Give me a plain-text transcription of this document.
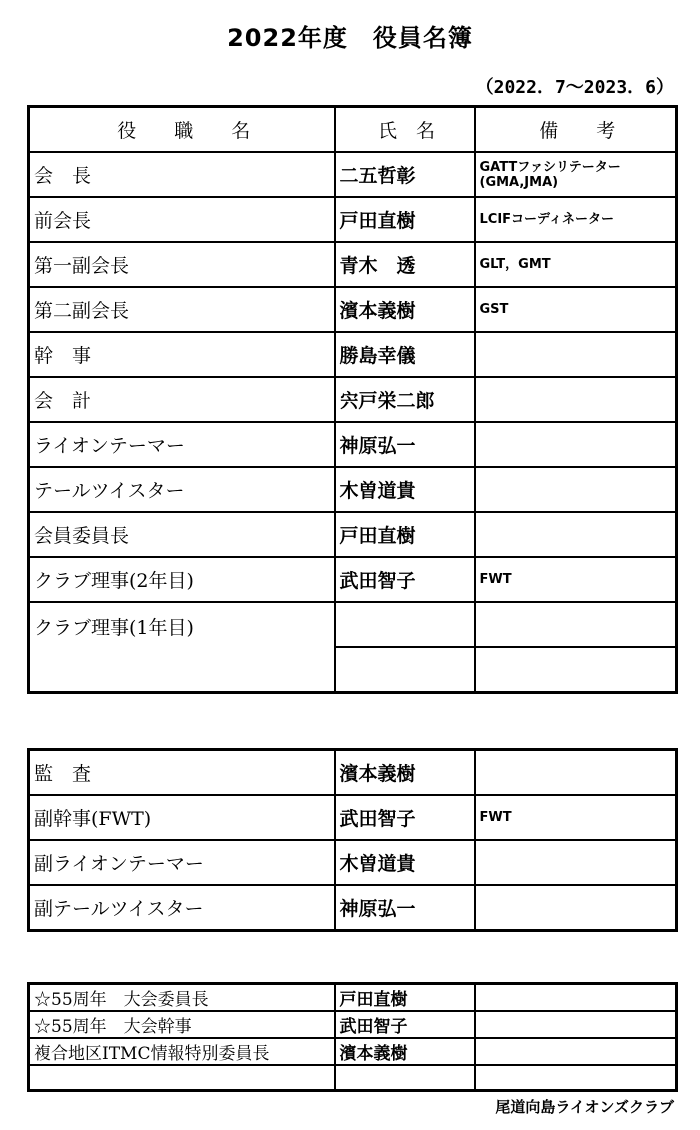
2022年度　役員名簿
（2022．7～2023．6）
役　　職　　名	氏　名	備　　考
会　長	二五哲彰	GATTファシリテーター
(GMA,JMA)
前会長	戸田直樹	LCIFコーディネーター
第一副会長	青木　透	GLT，GMT
第二副会長	濱本義樹	GST
幹　事	勝島幸儀	
会　計	宍戸栄二郎	
ライオンテーマー	神原弘一	
テールツイスター	木曽道貴	
会員委員長	戸田直樹	
クラブ理事(2年目)	武田智子	FWT
クラブ理事(1年目)		

監　査	濱本義樹	
副幹事(FWT)	武田智子	FWT
副ライオンテーマー	木曽道貴	
副テールツイスター	神原弘一	
☆55周年　大会委員長	戸田直樹	
☆55周年　大会幹事	武田智子	
複合地区ITMC情報特別委員長	濱本義樹	

尾道向島ライオンズクラブ
